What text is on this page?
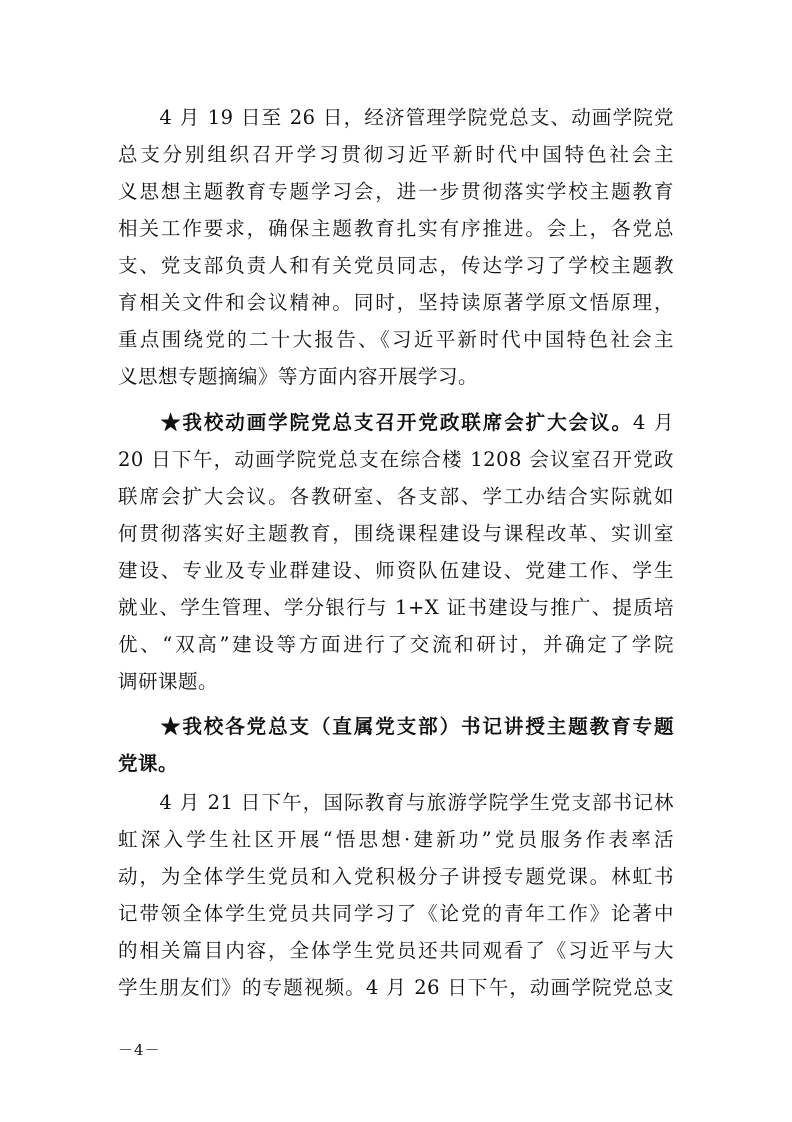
　　4 月 19 日至 26 日，经济管理学院党总支、动画学院党
总支分别组织召开学习贯彻习近平新时代中国特色社会主
义思想主题教育专题学习会，进一步贯彻落实学校主题教育
相关工作要求，确保主题教育扎实有序推进。会上，各党总
支、党支部负责人和有关党员同志，传达学习了学校主题教
育相关文件和会议精神。同时，坚持读原著学原文悟原理，
重点围绕党的二十大报告、《习近平新时代中国特色社会主
义思想专题摘编》等方面内容开展学习。
　　★我校动画学院党总支召开党政联席会扩大会议。4 月
20 日下午，动画学院党总支在综合楼 1208 会议室召开党政
联席会扩大会议。各教研室、各支部、学工办结合实际就如
何贯彻落实好主题教育，围绕课程建设与课程改革、实训室
建设、专业及专业群建设、师资队伍建设、党建工作、学生
就业、学生管理、学分银行与 1+X 证书建设与推广、提质培
优、“双高”建设等方面进行了交流和研讨，并确定了学院
调研课题。
　　★我校各党总支（直属党支部）书记讲授主题教育专题
党课。
　　4 月 21 日下午，国际教育与旅游学院学生党支部书记林
虹深入学生社区开展“悟思想·建新功”党员服务作表率活
动，为全体学生党员和入党积极分子讲授专题党课。林虹书
记带领全体学生党员共同学习了《论党的青年工作》论著中
的相关篇目内容，全体学生党员还共同观看了《习近平与大
学生朋友们》的专题视频。4 月 26 日下午，动画学院党总支
－4－
